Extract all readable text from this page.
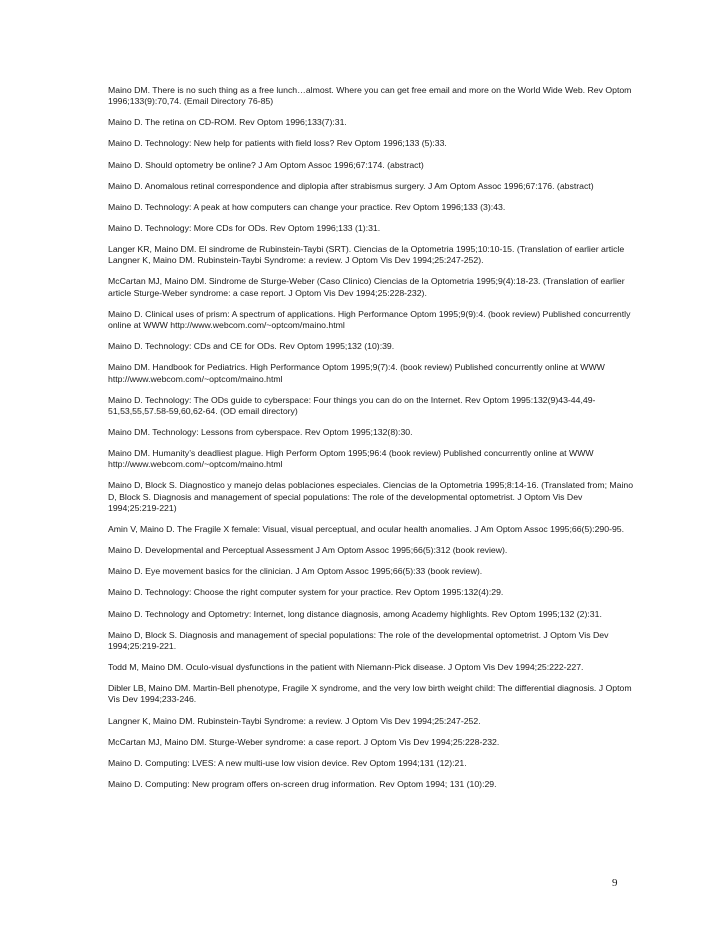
Maino DM. There is no such thing as a free lunch…almost. Where you can get free email and more on the World Wide Web. Rev Optom 1996;133(9):70,74. (Email Directory 76-85)
Maino D. The retina on CD-ROM. Rev Optom 1996;133(7):31.
Maino D. Technology: New help for patients with field loss? Rev Optom 1996;133 (5):33.
Maino D. Should optometry be online? J Am Optom Assoc 1996;67:174. (abstract)
Maino D. Anomalous retinal correspondence and diplopia after strabismus surgery. J Am Optom Assoc 1996;67:176. (abstract)
Maino D. Technology: A peak at how computers can change your practice. Rev Optom 1996;133 (3):43.
Maino D. Technology: More CDs for ODs. Rev Optom 1996;133 (1):31.
Langer KR, Maino DM. El sindrome de Rubinstein-Taybi (SRT). Ciencias de la Optometria 1995;10:10-15. (Translation of earlier article Langner K, Maino DM. Rubinstein-Taybi Syndrome: a review. J Optom Vis Dev 1994;25:247-252).
McCartan MJ, Maino DM. Sindrome de Sturge-Weber (Caso Clinico) Ciencias de la Optometria 1995;9(4):18-23. (Translation of earlier article Sturge-Weber syndrome: a case report. J Optom Vis Dev 1994;25:228-232).
Maino D. Clinical uses of prism: A spectrum of applications. High Performance Optom 1995;9(9):4. (book review) Published concurrently online at WWW http://www.webcom.com/~optcom/maino.html
Maino D. Technology: CDs and CE for ODs. Rev Optom 1995;132 (10):39.
Maino DM. Handbook for Pediatrics. High Performance Optom 1995;9(7):4. (book review) Published concurrently online at WWW http://www.webcom.com/~optcom/maino.html
Maino D. Technology: The ODs guide to cyberspace: Four things you can do on the Internet. Rev Optom 1995:132(9)43-44,49-51,53,55,57.58-59,60,62-64. (OD email directory)
Maino DM. Technology: Lessons from cyberspace. Rev Optom 1995;132(8):30.
Maino DM. Humanity’s deadliest plague. High Perform Optom 1995;96:4 (book review) Published concurrently online at WWW http://www.webcom.com/~optcom/maino.html
Maino D, Block S. Diagnostico y manejo delas poblaciones especiales. Ciencias de la Optometria 1995;8:14-16. (Translated from; Maino D, Block S. Diagnosis and management of special populations: The role of the developmental optometrist. J Optom Vis Dev 1994;25:219-221)
Amin V, Maino D. The Fragile X female: Visual, visual perceptual, and ocular health anomalies. J Am Optom Assoc 1995;66(5):290-95.
Maino D. Developmental and Perceptual Assessment J Am Optom Assoc 1995;66(5):312 (book review).
Maino D. Eye movement basics for the clinician. J Am Optom Assoc 1995;66(5):33 (book review).
Maino D. Technology: Choose the right computer system for your practice. Rev Optom 1995:132(4):29.
Maino D. Technology and Optometry: Internet, long distance diagnosis, among Academy highlights. Rev Optom 1995;132 (2):31.
Maino D, Block S. Diagnosis and management of special populations: The role of the developmental optometrist. J Optom Vis Dev 1994;25:219-221.
Todd M, Maino DM. Oculo-visual dysfunctions in the patient with Niemann-Pick disease. J Optom Vis Dev 1994;25:222-227.
Dibler LB, Maino DM. Martin-Bell phenotype, Fragile X syndrome, and the very low birth weight child: The differential diagnosis. J Optom Vis Dev 1994;233-246.
Langner K, Maino DM. Rubinstein-Taybi Syndrome: a review. J Optom Vis Dev 1994;25:247-252.
McCartan MJ, Maino DM. Sturge-Weber syndrome: a case report. J Optom Vis Dev 1994;25:228-232.
Maino D. Computing: LVES: A new multi-use low vision device. Rev Optom 1994;131 (12):21.
Maino D. Computing: New program offers on-screen drug information. Rev Optom 1994; 131 (10):29.
9
